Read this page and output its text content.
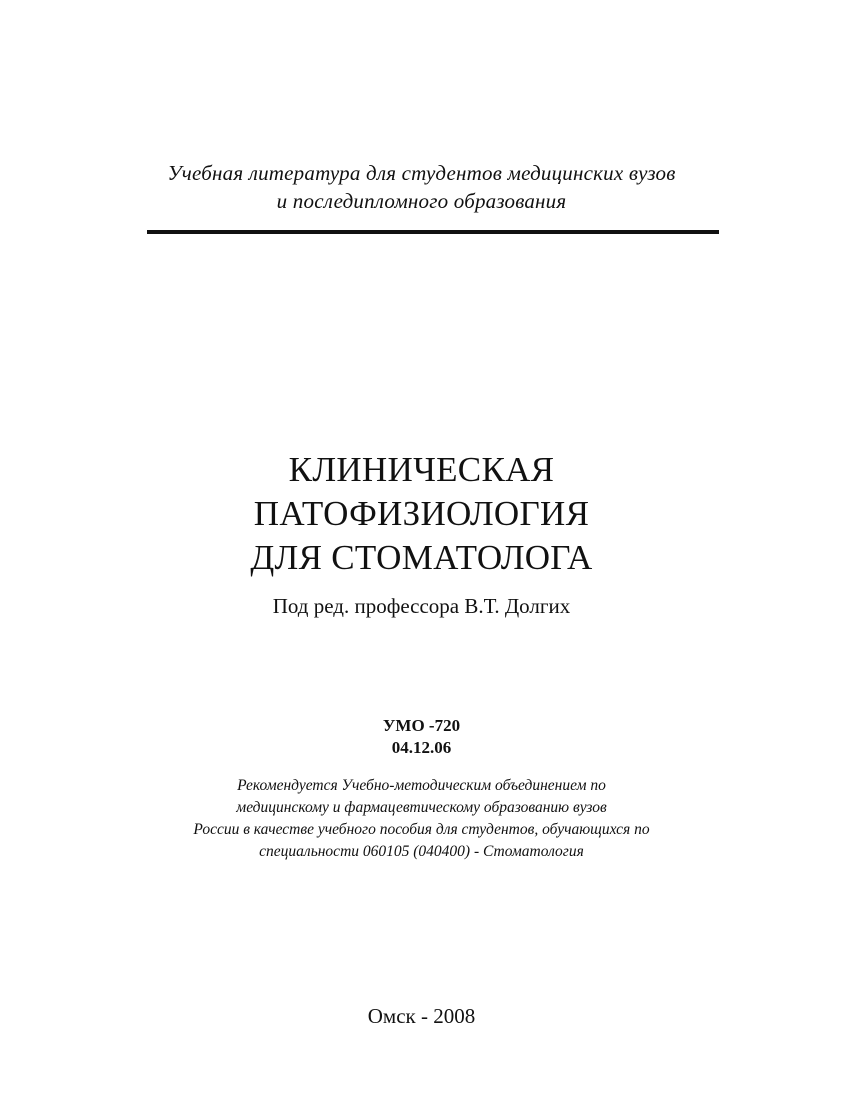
Учебная литература для студентов медицинских вузов
и последипломного образования
КЛИНИЧЕСКАЯ
ПАТОФИЗИОЛОГИЯ
ДЛЯ СТОМАТОЛОГА
Под ред. профессора В.Т. Долгих
УМО -720
04.12.06
Рекомендуется Учебно-методическим объединением по
медицинскому и фармацевтическому образованию вузов
России в качестве учебного пособия для студентов, обучающихся по
специальности 060105 (040400) - Стоматология
Омск - 2008
